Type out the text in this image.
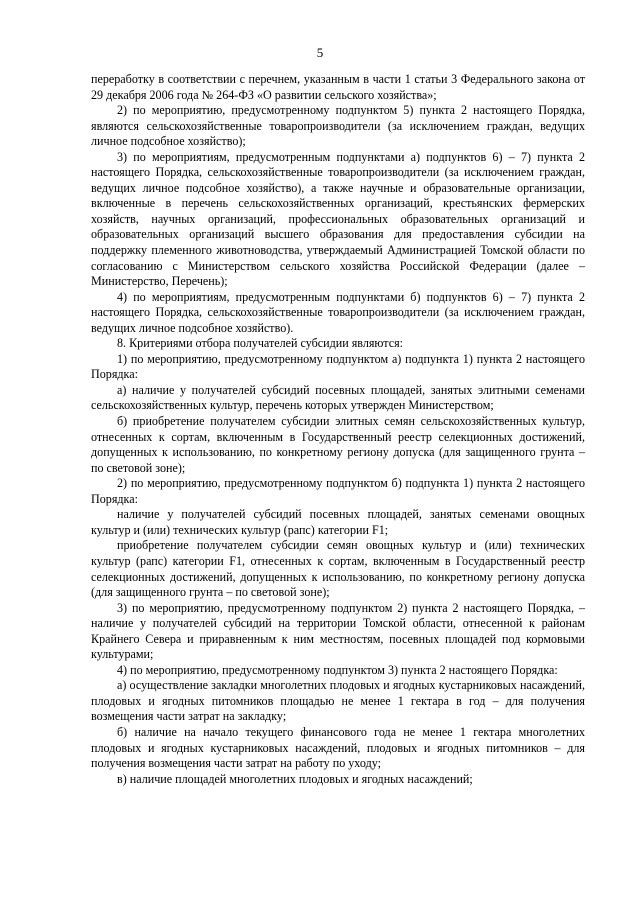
5

переработку в соответствии с перечнем, указанным в части 1 статьи 3 Федерального закона от 29 декабря 2006 года № 264-ФЗ «О развитии сельского хозяйства»;

2) по мероприятию, предусмотренному подпунктом 5) пункта 2 настоящего Порядка, являются сельскохозяйственные товаропроизводители (за исключением граждан, ведущих личное подсобное хозяйство);

3) по мероприятиям, предусмотренным подпунктами а) подпунктов 6) – 7) пункта 2 настоящего Порядка, сельскохозяйственные товаропроизводители (за исключением граждан, ведущих личное подсобное хозяйство), а также научные и образовательные организации, включенные в перечень сельскохозяйственных организаций, крестьянских фермерских хозяйств, научных организаций, профессиональных образовательных организаций и образовательных организаций высшего образования для предоставления субсидии на поддержку племенного животноводства, утверждаемый Администрацией Томской области по согласованию с Министерством сельского хозяйства Российской Федерации (далее – Министерство, Перечень);

4) по мероприятиям, предусмотренным подпунктами б) подпунктов 6) – 7) пункта 2 настоящего Порядка, сельскохозяйственные товаропроизводители (за исключением граждан, ведущих личное подсобное хозяйство).

8. Критериями отбора получателей субсидии являются:

1) по мероприятию, предусмотренному подпунктом а) подпункта 1) пункта 2 настоящего Порядка:

а) наличие у получателей субсидий посевных площадей, занятых элитными семенами сельскохозяйственных культур, перечень которых утвержден Министерством;

б) приобретение получателем субсидии элитных семян сельскохозяйственных культур, отнесенных к сортам, включенным в Государственный реестр селекционных достижений, допущенных к использованию, по конкретному региону допуска (для защищенного грунта – по световой зоне);

2) по мероприятию, предусмотренному подпунктом б) подпункта 1) пункта 2 настоящего Порядка:

наличие у получателей субсидий посевных площадей, занятых семенами овощных культур и (или) технических культур (рапс) категории F1;

приобретение получателем субсидии семян овощных культур и (или) технических культур (рапс) категории F1, отнесенных к сортам, включенным в Государственный реестр селекционных достижений, допущенных к использованию, по конкретному региону допуска (для защищенного грунта – по световой зоне);

3) по мероприятию, предусмотренному подпунктом 2) пункта 2 настоящего Порядка, – наличие у получателей субсидий на территории Томской области, отнесенной к районам Крайнего Севера и приравненным к ним местностям, посевных площадей под кормовыми культурами;

4) по мероприятию, предусмотренному подпунктом 3) пункта 2 настоящего Порядка:

а) осуществление закладки многолетних плодовых и ягодных кустарниковых насаждений, плодовых и ягодных питомников площадью не менее 1 гектара в год – для получения возмещения части затрат на закладку;

б) наличие на начало текущего финансового года не менее 1 гектара многолетних плодовых и ягодных кустарниковых насаждений, плодовых и ягодных питомников – для получения возмещения части затрат на работу по уходу;

в) наличие площадей многолетних плодовых и ягодных насаждений;
